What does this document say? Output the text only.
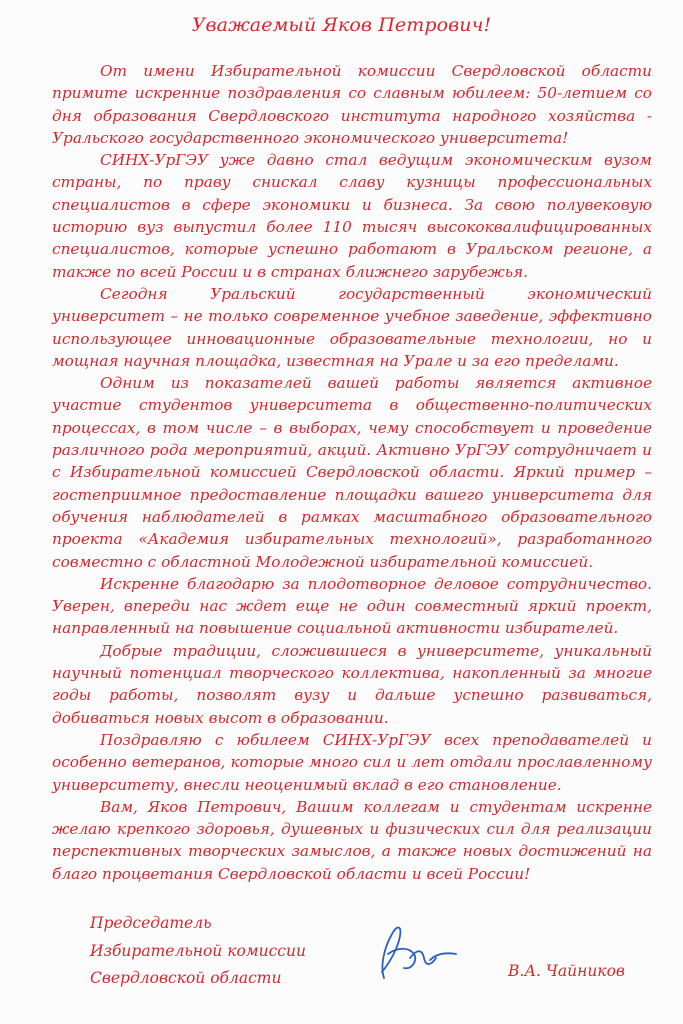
Уважаемый Яков Петрович!

От имени Избирательной комиссии Свердловской области примите искренние поздравления со славным юбилеем: 50-летием со дня образования Свердловского института народного хозяйства - Уральского государственного экономического университета!

СИНХ-УрГЭУ уже давно стал ведущим экономическим вузом страны, по праву снискал славу кузницы профессиональных специалистов в сфере экономики и бизнеса. За свою полувековую историю вуз выпустил более 110 тысяч высококвалифицированных специалистов, которые успешно работают в Уральском регионе, а также по всей России и в странах ближнего зарубежья.

Сегодня Уральский государственный экономический университет – не только современное учебное заведение, эффективно использующее инновационные образовательные технологии, но и мощная научная площадка, известная на Урале и за его пределами.

Одним из показателей вашей работы является активное участие студентов университета в общественно-политических процессах, в том числе – в выборах, чему способствует и проведение различного рода мероприятий, акций. Активно УрГЭУ сотрудничает и с Избирательной комиссией Свердловской области. Яркий пример – гостеприимное предоставление площадки вашего университета для обучения наблюдателей в рамках масштабного образовательного проекта «Академия избирательных технологий», разработанного совместно с областной Молодежной избирательной комиссией.

Искренне благодарю за плодотворное деловое сотрудничество. Уверен, впереди нас ждет еще не один совместный яркий проект, направленный на повышение социальной активности избирателей.

Добрые традиции, сложившиеся в университете, уникальный научный потенциал творческого коллектива, накопленный за многие годы работы, позволят вузу и дальше успешно развиваться, добиваться новых высот в образовании.

Поздравляю с юбилеем СИНХ-УрГЭУ всех преподавателей и особенно ветеранов, которые много сил и лет отдали прославленному университету, внесли неоценимый вклад в его становление.

Вам, Яков Петрович, Вашим коллегам и студентам искренне желаю крепкого здоровья, душевных и физических сил для реализации перспективных творческих замыслов, а также новых достижений на благо процветания Свердловской области и всей России!

Председатель
Избирательной комиссии
Свердловской области	В.А. Чайников
